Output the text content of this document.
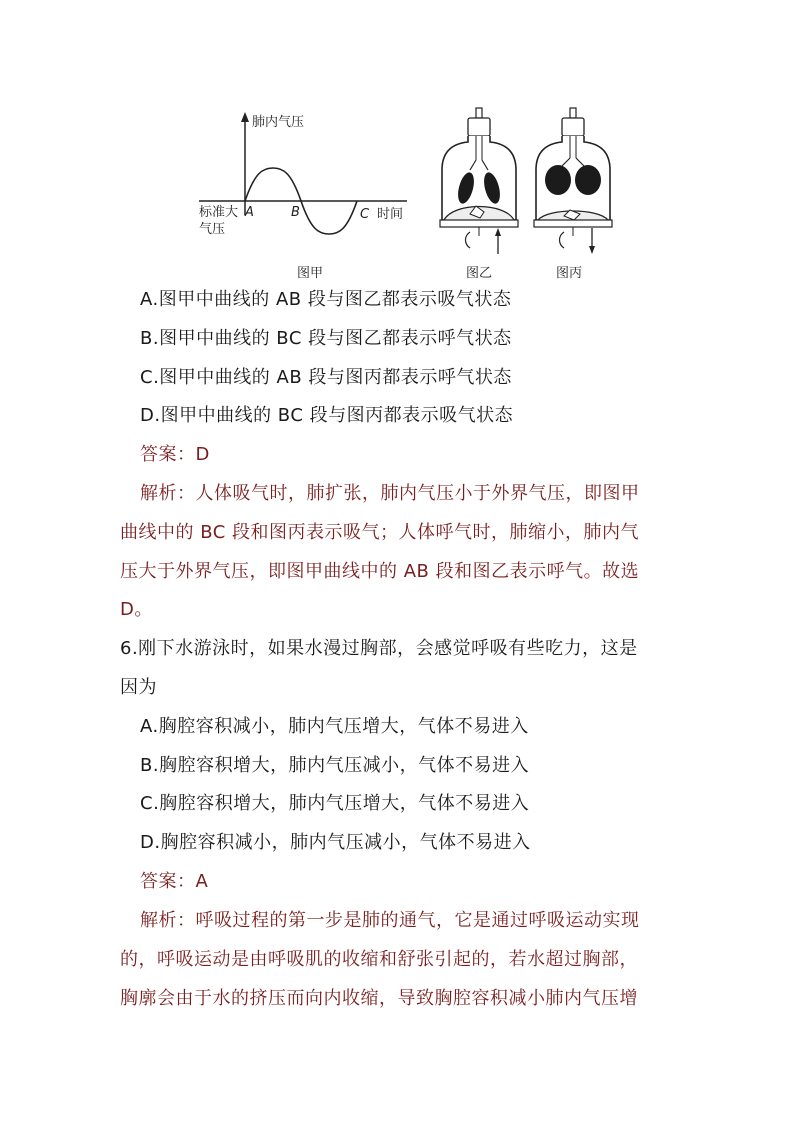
肺内气压
标准大
气压
A	B	C 时间
图甲	图乙	图丙
A.图甲中曲线的 AB 段与图乙都表示吸气状态
B.图甲中曲线的 BC 段与图乙都表示呼气状态
C.图甲中曲线的 AB 段与图丙都表示呼气状态
D.图甲中曲线的 BC 段与图丙都表示吸气状态
答案：D
解析：人体吸气时，肺扩张，肺内气压小于外界气压，即图甲
曲线中的 BC 段和图丙表示吸气；人体呼气时，肺缩小，肺内气
压大于外界气压，即图甲曲线中的 AB 段和图乙表示呼气。故选
D。
6.刚下水游泳时，如果水漫过胸部，会感觉呼吸有些吃力，这是
因为
A.胸腔容积减小，肺内气压增大，气体不易进入
B.胸腔容积增大，肺内气压减小，气体不易进入
C.胸腔容积增大，肺内气压增大，气体不易进入
D.胸腔容积减小，肺内气压减小，气体不易进入
答案：A
解析：呼吸过程的第一步是肺的通气，它是通过呼吸运动实现
的，呼吸运动是由呼吸肌的收缩和舒张引起的，若水超过胸部，
胸廓会由于水的挤压而向内收缩，导致胸腔容积减小肺内气压增
